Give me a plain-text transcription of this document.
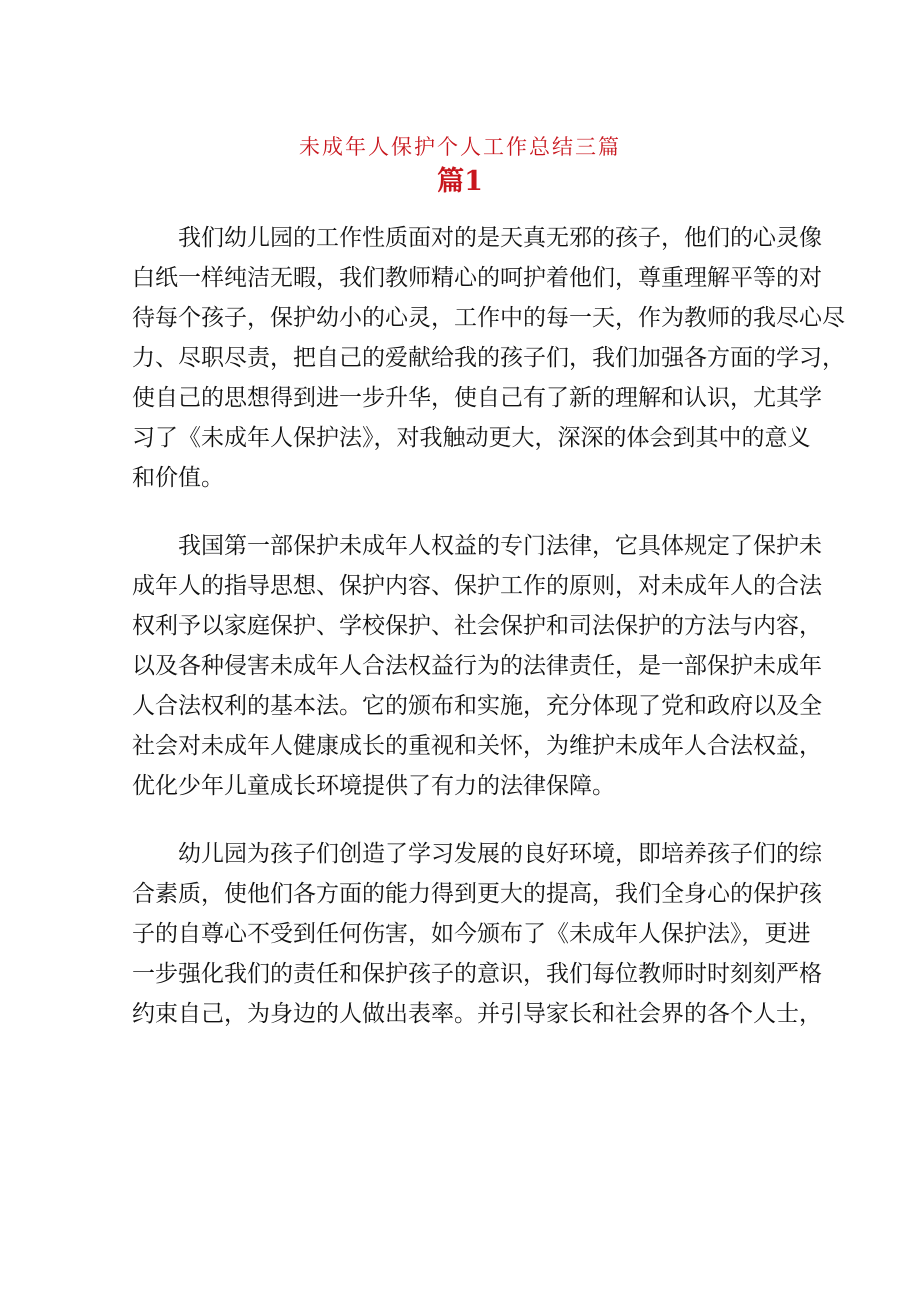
未成年人保护个人工作总结三篇
篇1

我们幼儿园的工作性质面对的是天真无邪的孩子，他们的心灵像
白纸一样纯洁无暇，我们教师精心的呵护着他们，尊重理解平等的对
待每个孩子，保护幼小的心灵，工作中的每一天，作为教师的我尽心尽
力、尽职尽责，把自己的爱献给我的孩子们，我们加强各方面的学习，
使自己的思想得到进一步升华，使自己有了新的理解和认识，尤其学
习了《未成年人保护法》，对我触动更大，深深的体会到其中的意义
和价值。

我国第一部保护未成年人权益的专门法律，它具体规定了保护未
成年人的指导思想、保护内容、保护工作的原则，对未成年人的合法
权利予以家庭保护、学校保护、社会保护和司法保护的方法与内容，
以及各种侵害未成年人合法权益行为的法律责任，是一部保护未成年
人合法权利的基本法。它的颁布和实施，充分体现了党和政府以及全
社会对未成年人健康成长的重视和关怀，为维护未成年人合法权益，
优化少年儿童成长环境提供了有力的法律保障。

幼儿园为孩子们创造了学习发展的良好环境，即培养孩子们的综
合素质，使他们各方面的能力得到更大的提高，我们全身心的保护孩
子的自尊心不受到任何伤害，如今颁布了《未成年人保护法》，更进
一步强化我们的责任和保护孩子的意识，我们每位教师时时刻刻严格
约束自己，为身边的人做出表率。并引导家长和社会界的各个人士，
